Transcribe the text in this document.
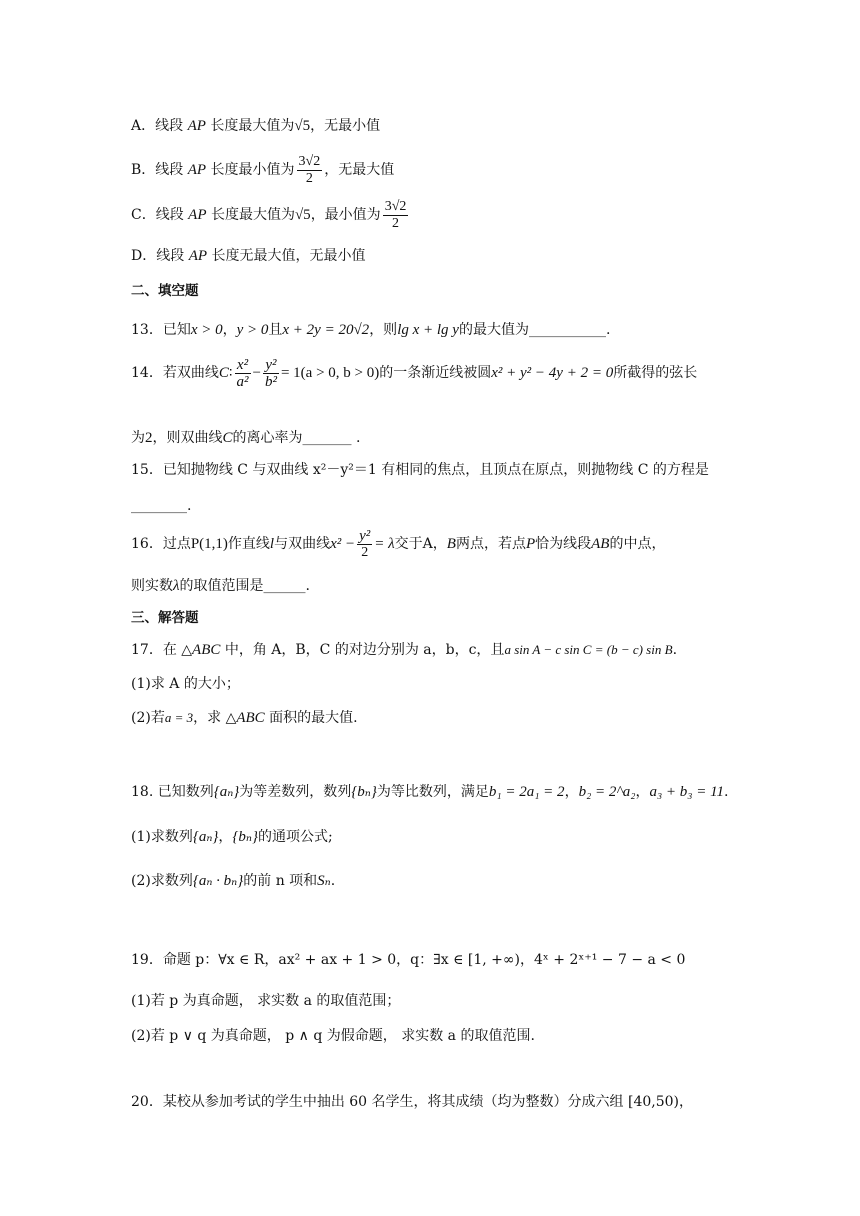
A．线段 AP 长度最大值为√5，无最小值
B．线段 AP 长度最小值为 $\frac{3√2}{2}$ ，无最大值
C．线段 AP 长度最大值为√5，最小值为 $\frac{3√2}{2}$
D．线段 AP 长度无最大值，无最小值
二、填空题
13．已知x > 0，y > 0且x + 2y = 20√2，则lg x + lg y的最大值为___________.
14．若双曲线C∶ $\frac{\text{x²}}{\text{a²}} - \frac{\text{y²}}{\text{b²}} = 1(a > 0$, b > 0)的一条渐近线被圆x² + y² − 4y + 2 = 0所截得的弦长
为2，则双曲线C的离心率为_______ .
15．已知抛物线 C 与双曲线 x²－y²＝1 有相同的焦点，且顶点在原点，则抛物线 C 的方程是
________.
16．过点P(1,1)作直线l与双曲线$x^2 - \frac{\text{y²}}{2} = \lambda$交于A，B两点，若点P恰为线段AB的中点，
则实数λ的取值范围是______.
三、解答题
17．在 △ABC 中，角 A，B，C 的对边分别为 a，b，c，且a sin A − c sin C = (b − c) sin B.
(1)求 A 的大小；
(2)若a = 3，求 △ABC 面积的最大值.
18. 已知数列{aₙ}为等差数列，数列{bₙ}为等比数列，满足b₁ = 2a₁ = 2，b₂ = 2^a₂，a₃ + b₃ = 11.
(1)求数列{aₙ}，{bₙ}的通项公式;
(2)求数列{aₙ · bₙ}的前 n 项和Sₙ.
19．命题 p：∀x ∈ R，ax² + ax + 1 > 0，q：∃x ∈ [1, +∞)，4ˣ + 2ˣ⁺¹ − 7 − a < 0
(1)若 p 为真命题， 求实数 a 的取值范围；
(2)若 p ∨ q 为真命题， p ∧ q 为假命题， 求实数 a 的取值范围.
20．某校从参加考试的学生中抽出 60 名学生，将其成绩（均为整数）分成六组 [40,50)，
